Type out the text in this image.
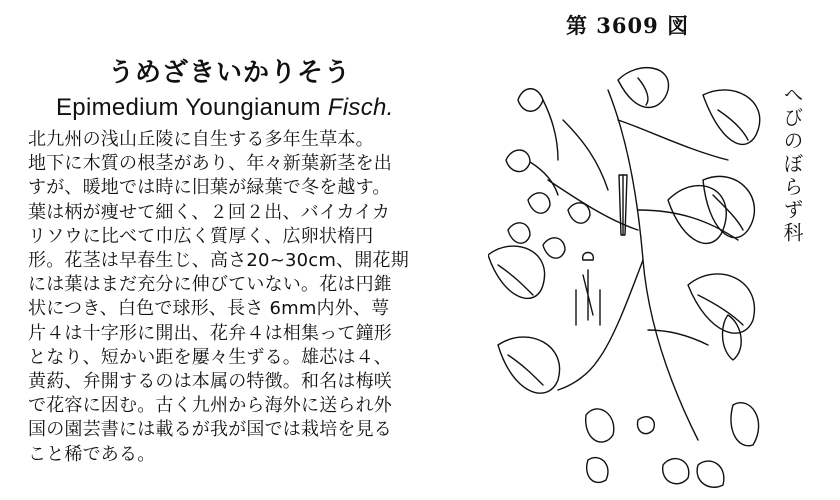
第 3609 図
うめざきいかりそう
Epimedium Youngianum Fisch.
北九州の浅山丘陵に自生する多年生草本。
地下に木質の根茎があり、年々新葉新茎を出
すが、暖地では時に旧葉が緑葉で冬を越す。
葉は柄が痩せて細く、２回２出、バイカイカ
リソウに比べて巾広く質厚く、広卵状楕円
形。花茎は早春生じ、高さ20~30cm、開花期
には葉はまだ充分に伸びていない。花は円錐
状につき、白色で球形、長さ 6mm内外、萼
片４は十字形に開出、花弁４は相集って鐘形
となり、短かい距を屢々生ずる。雄芯は４、
黄葯、弁開するのは本属の特徴。和名は梅咲
で花容に因む。古く九州から海外に送られ外
国の園芸書には載るが我が国では栽培を見る
こと稀である。
へびのぼらず科
